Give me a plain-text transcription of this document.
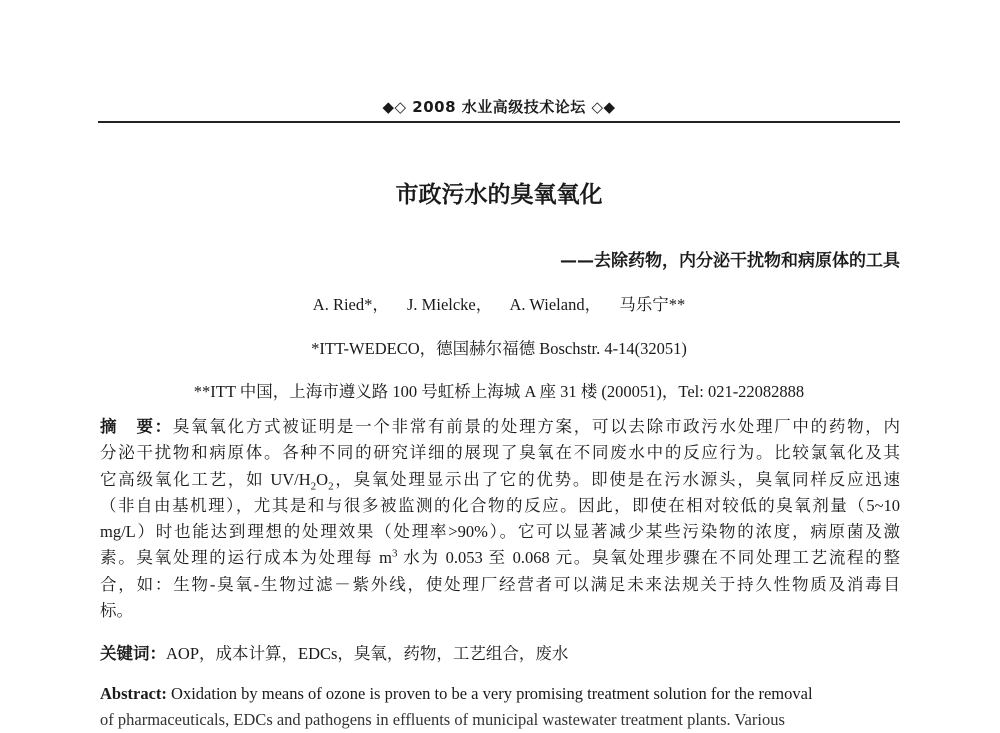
◆◇ 2008 水业高级技术论坛 ◇◆
市政污水的臭氧氧化
——去除药物，内分泌干扰物和病原体的工具
A. Ried*， J. Mielcke， A. Wieland， 马乐宁**
*ITT-WEDECO，德国赫尔福德 Boschstr. 4-14(32051)
**ITT 中国，上海市遵义路 100 号虹桥上海城 A 座 31 楼 (200051)，Tel: 021-22082888
摘　要：臭氧氧化方式被证明是一个非常有前景的处理方案，可以去除市政污水处理厂中的药物，内
分泌干扰物和病原体。各种不同的研究详细的展现了臭氧在不同废水中的反应行为。比较氯氧化及其
它高级氧化工艺，如 $UV/H_2O_2$，臭氧处理显示出了它的优势。即使是在污水源头，臭氧同样反应迅速
（非自由基机理），尤其是和与很多被监测的化合物的反应。因此，即使在相对较低的臭氧剂量（5~10
mg/L）时也能达到理想的处理效果（处理率>90%）。它可以显著减少某些污染物的浓度，病原菌及激
素。臭氧处理的运行成本为处理每 $m^3$ 水为 0.053 至 0.068 元。臭氧处理步骤在不同处理工艺流程的整
合，如：生物-臭氧-生物过滤－紫外线，使处理厂经营者可以满足未来法规关于持久性物质及消毒目
标。
关键词：AOP，成本计算，EDCs，臭氧，药物，工艺组合，废水
Abstract: Oxidation by means of ozone is proven to be a very promising treatment solution for the removal
of pharmaceuticals, EDCs and pathogens in effluents of municipal wastewater treatment plants. Various
